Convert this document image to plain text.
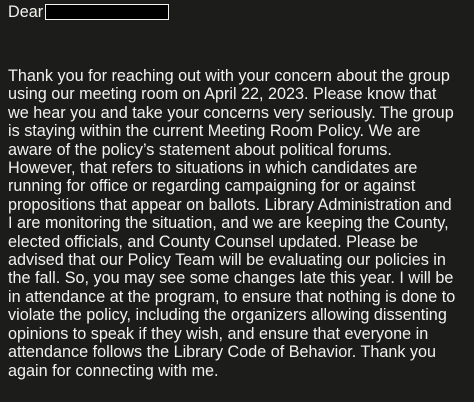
Dear

Thank you for reaching out with your concern about the group
using our meeting room on April 22, 2023. Please know that
we hear you and take your concerns very seriously. The group
is staying within the current Meeting Room Policy. We are
aware of the policy’s statement about political forums.
However, that refers to situations in which candidates are
running for office or regarding campaigning for or against
propositions that appear on ballots. Library Administration and
I are monitoring the situation, and we are keeping the County,
elected officials, and County Counsel updated. Please be
advised that our Policy Team will be evaluating our policies in
the fall. So, you may see some changes late this year. I will be
in attendance at the program, to ensure that nothing is done to
violate the policy, including the organizers allowing dissenting
opinions to speak if they wish, and ensure that everyone in
attendance follows the Library Code of Behavior. Thank you
again for connecting with me.
